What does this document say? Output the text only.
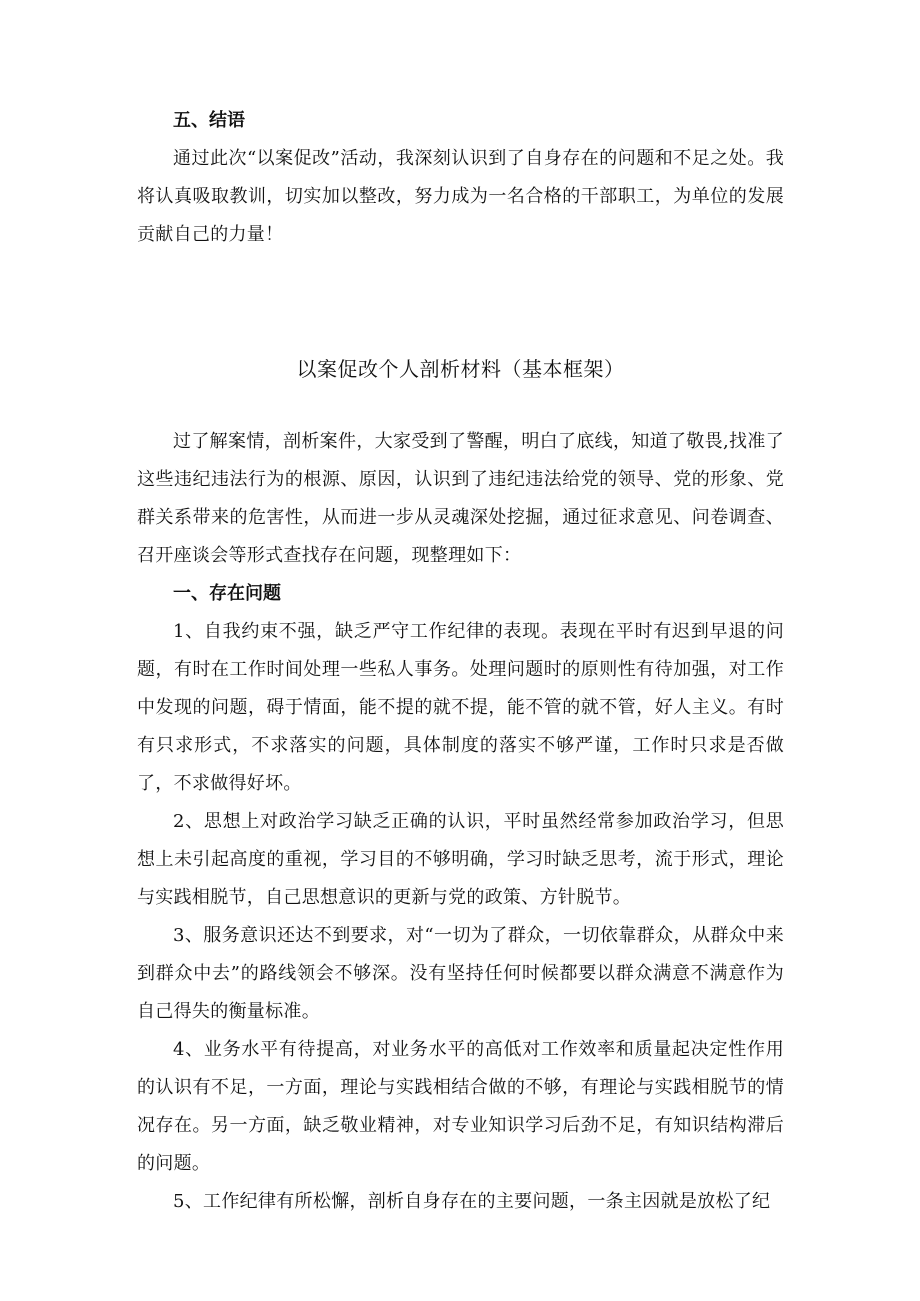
五、结语

通过此次“以案促改”活动，我深刻认识到了自身存在的问题和不足之处。我将认真吸取教训，切实加以整改，努力成为一名合格的干部职工，为单位的发展贡献自己的力量！

以案促改个人剖析材料（基本框架）

过了解案情，剖析案件，大家受到了警醒，明白了底线，知道了敬畏,找准了这些违纪违法行为的根源、原因，认识到了违纪违法给党的领导、党的形象、党群关系带来的危害性，从而进一步从灵魂深处挖掘，通过征求意见、问卷调查、召开座谈会等形式查找存在问题，现整理如下：

一、存在问题

1、自我约束不强，缺乏严守工作纪律的表现。表现在平时有迟到早退的问题，有时在工作时间处理一些私人事务。处理问题时的原则性有待加强，对工作中发现的问题，碍于情面，能不提的就不提，能不管的就不管，好人主义。有时有只求形式，不求落实的问题，具体制度的落实不够严谨，工作时只求是否做了，不求做得好坏。

2、思想上对政治学习缺乏正确的认识，平时虽然经常参加政治学习，但思想上未引起高度的重视，学习目的不够明确，学习时缺乏思考，流于形式，理论与实践相脱节，自己思想意识的更新与党的政策、方针脱节。

3、服务意识还达不到要求，对“一切为了群众，一切依靠群众，从群众中来到群众中去”的路线领会不够深。没有坚持任何时候都要以群众满意不满意作为自己得失的衡量标准。

4、业务水平有待提高，对业务水平的高低对工作效率和质量起决定性作用的认识有不足，一方面，理论与实践相结合做的不够，有理论与实践相脱节的情况存在。另一方面，缺乏敬业精神，对专业知识学习后劲不足，有知识结构滞后的问题。

5、工作纪律有所松懈，剖析自身存在的主要问题，一条主因就是放松了纪
